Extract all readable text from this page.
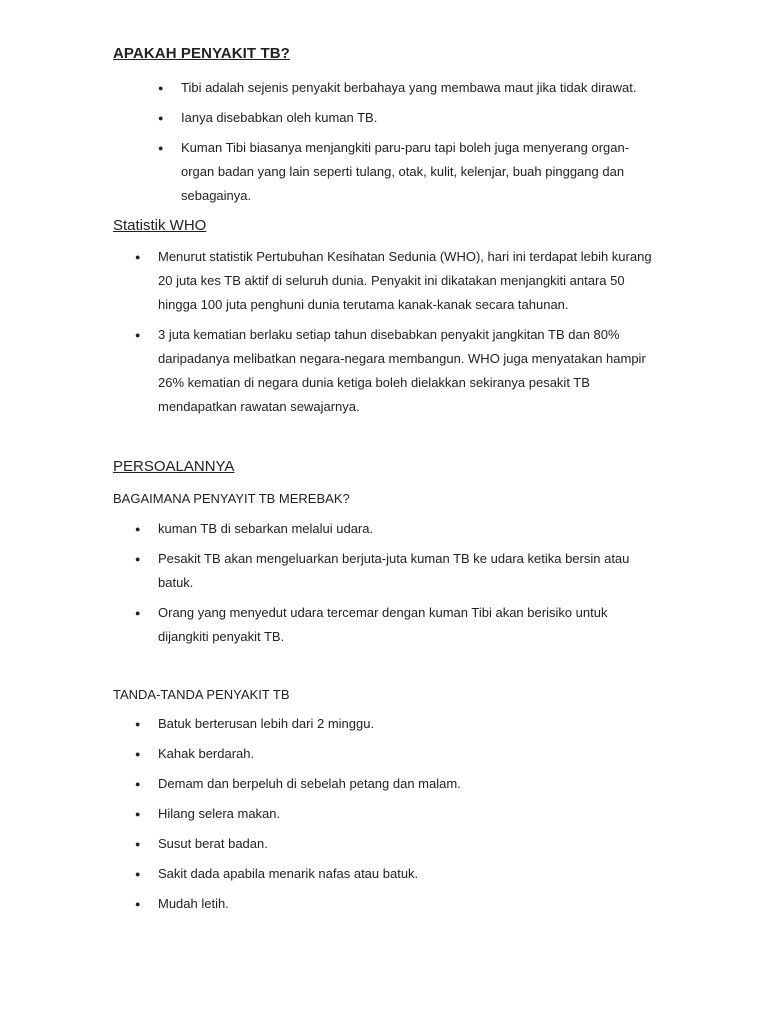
APAKAH PENYAKIT TB?
● Tibi adalah sejenis penyakit berbahaya yang membawa maut jika tidak dirawat.
● Ianya disebabkan oleh kuman TB.
● Kuman Tibi biasanya menjangkiti paru-paru tapi boleh juga menyerang organ-organ badan yang lain seperti tulang, otak, kulit, kelenjar, buah pinggang dan sebagainya.
Statistik WHO
● Menurut statistik Pertubuhan Kesihatan Sedunia (WHO), hari ini terdapat lebih kurang 20 juta kes TB aktif di seluruh dunia. Penyakit ini dikatakan menjangkiti antara 50 hingga 100 juta penghuni dunia terutama kanak-kanak secara tahunan.
● 3 juta kematian berlaku setiap tahun disebabkan penyakit jangkitan TB dan 80% daripadanya melibatkan negara-negara membangun. WHO juga menyatakan hampir 26% kematian di negara dunia ketiga boleh dielakkan sekiranya pesakit TB mendapatkan rawatan sewajarnya.
PERSOALANNYA
BAGAIMANA PENYAYIT TB MEREBAK?
● kuman TB di sebarkan melalui udara.
● Pesakit TB akan mengeluarkan berjuta-juta kuman TB ke udara ketika bersin atau batuk.
● Orang yang menyedut udara tercemar dengan kuman Tibi akan berisiko untuk dijangkiti penyakit TB.
TANDA-TANDA PENYAKIT TB
● Batuk berterusan lebih dari 2 minggu.
● Kahak berdarah.
● Demam dan berpeluh di sebelah petang dan malam.
● Hilang selera makan.
● Susut berat badan.
● Sakit dada apabila menarik nafas atau batuk.
● Mudah letih.
